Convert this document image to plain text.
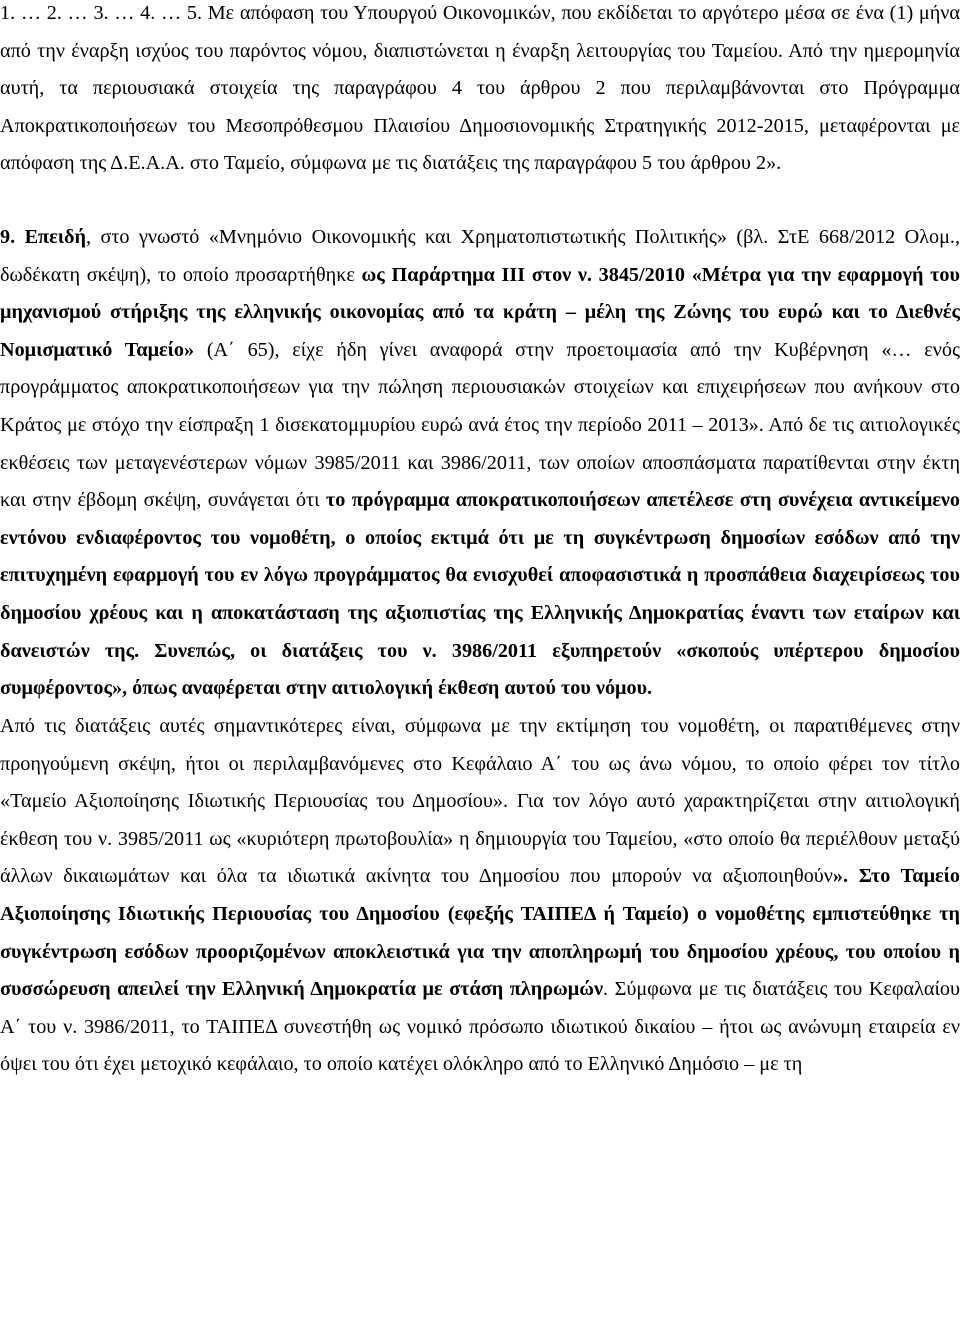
1. … 2. … 3. … 4. … 5. Με απόφαση του Υπουργού Οικονομικών, που εκδίδεται το αργότερο μέσα σε ένα (1) μήνα από την έναρξη ισχύος του παρόντος νόμου, διαπιστώνεται η έναρξη λειτουργίας του Ταμείου. Από την ημερομηνία αυτή, τα περιουσιακά στοιχεία της παραγράφου 4 του άρθρου 2 που περιλαμβάνονται στο Πρόγραμμα Αποκρατικοποιήσεων του Μεσοπρόθεσμου Πλαισίου Δημοσιονομικής Στρατηγικής 2012-2015, μεταφέρονται με απόφαση της Δ.Ε.Α.Α. στο Ταμείο, σύμφωνα με τις διατάξεις της παραγράφου 5 του άρθρου 2».

9. Επειδή, στο γνωστό «Μνημόνιο Οικονομικής και Χρηματοπιστωτικής Πολιτικής» (βλ. ΣτΕ 668/2012 Ολομ., δωδέκατη σκέψη), το οποίο προσαρτήθηκε ως Παράρτημα ΙΙΙ στον ν. 3845/2010 «Μέτρα για την εφαρμογή του μηχανισμού στήριξης της ελληνικής οικονομίας από τα κράτη – μέλη της Ζώνης του ευρώ και το Διεθνές Νομισματικό Ταμείο» (Α΄ 65), είχε ήδη γίνει αναφορά στην προετοιμασία από την Κυβέρνηση «… ενός προγράμματος αποκρατικοποιήσεων για την πώληση περιουσιακών στοιχείων και επιχειρήσεων που ανήκουν στο Κράτος με στόχο την είσπραξη 1 δισεκατομμυρίου ευρώ ανά έτος την περίοδο 2011 – 2013». Από δε τις αιτιολογικές εκθέσεις των μεταγενέστερων νόμων 3985/2011 και 3986/2011, των οποίων αποσπάσματα παρατίθενται στην έκτη και στην έβδομη σκέψη, συνάγεται ότι το πρόγραμμα αποκρατικοποιήσεων απετέλεσε στη συνέχεια αντικείμενο εντόνου ενδιαφέροντος του νομοθέτη, ο οποίος εκτιμά ότι με τη συγκέντρωση δημοσίων εσόδων από την επιτυχημένη εφαρμογή του εν λόγω προγράμματος θα ενισχυθεί αποφασιστικά η προσπάθεια διαχειρίσεως του δημοσίου χρέους και η αποκατάσταση της αξιοπιστίας της Ελληνικής Δημοκρατίας έναντι των εταίρων και δανειστών της. Συνεπώς, οι διατάξεις του ν. 3986/2011 εξυπηρετούν «σκοπούς υπέρτερου δημοσίου συμφέροντος», όπως αναφέρεται στην αιτιολογική έκθεση αυτού του νόμου.

Από τις διατάξεις αυτές σημαντικότερες είναι, σύμφωνα με την εκτίμηση του νομοθέτη, οι παρατιθέμενες στην προηγούμενη σκέψη, ήτοι οι περιλαμβανόμενες στο Κεφάλαιο Α΄ του ως άνω νόμου, το οποίο φέρει τον τίτλο «Ταμείο Αξιοποίησης Ιδιωτικής Περιουσίας του Δημοσίου». Για τον λόγο αυτό χαρακτηρίζεται στην αιτιολογική έκθεση του ν. 3985/2011 ως «κυριότερη πρωτοβουλία» η δημιουργία του Ταμείου, «στο οποίο θα περιέλθουν μεταξύ άλλων δικαιωμάτων και όλα τα ιδιωτικά ακίνητα του Δημοσίου που μπορούν να αξιοποιηθούν». Στο Ταμείο Αξιοποίησης Ιδιωτικής Περιουσίας του Δημοσίου (εφεξής ΤΑΙΠΕΔ ή Ταμείο) ο νομοθέτης εμπιστεύθηκε τη συγκέντρωση εσόδων προοριζομένων αποκλειστικά για την αποπληρωμή του δημοσίου χρέους, του οποίου η συσσώρευση απειλεί την Ελληνική Δημοκρατία με στάση πληρωμών. Σύμφωνα με τις διατάξεις του Κεφαλαίου Α΄ του ν. 3986/2011, το ΤΑΙΠΕΔ συνεστήθη ως νομικό πρόσωπο ιδιωτικού δικαίου – ήτοι ως ανώνυμη εταιρεία εν όψει του ότι έχει μετοχικό κεφάλαιο, το οποίο κατέχει ολόκληρο από το Ελληνικό Δημόσιο – με τη
